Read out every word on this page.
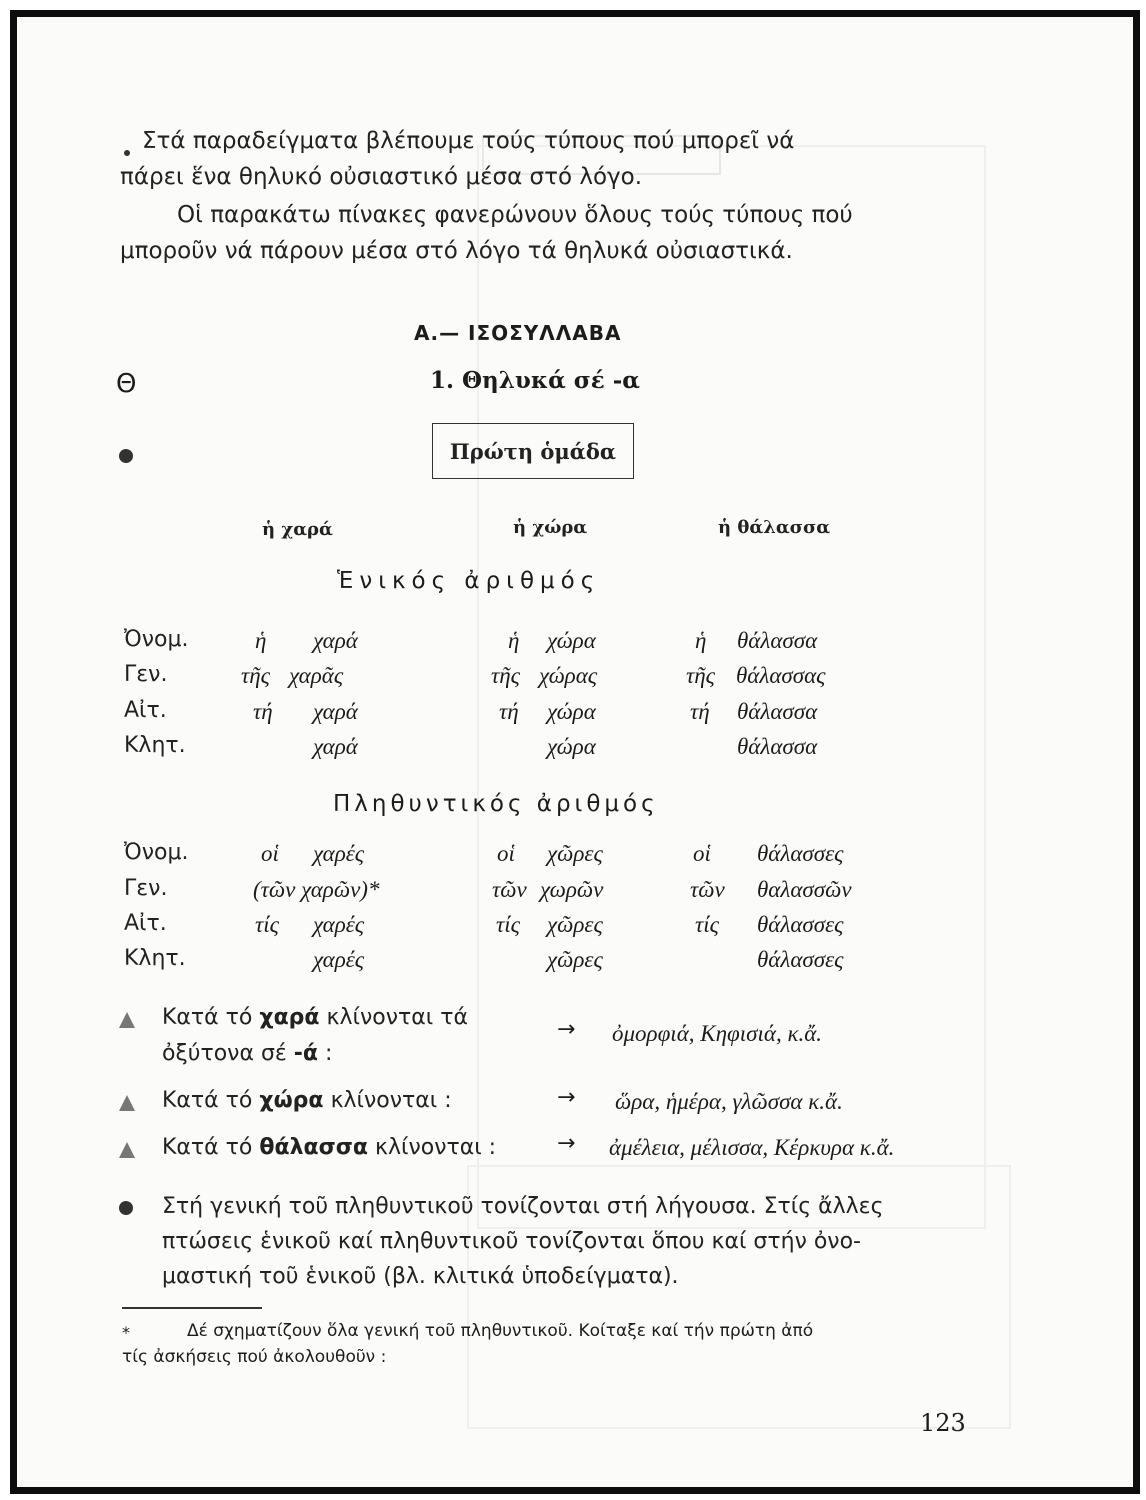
Στά παραδείγματα βλέπουμε τούς τύπους πού μπορεῖ νά
πάρει ἕνα θηλυκό οὐσιαστικό μέσα στό λόγο.
Οἱ παρακάτω πίνακες φανερώνουν ὅλους τούς τύπους πού
μποροῦν νά πάρουν μέσα στό λόγο τά θηλυκά οὐσιαστικά.
Α.— ΙΣΟΣΥΛΛΑΒΑ
Θ	1. Θηλυκά σέ -α
Πρώτη ὁμάδα
ἡ χαρά	ἡ χώρα	ἡ θάλασσα
Ἑνικός ἀριθμός
Ὀνομ.	ἡ χαρά	ἡ χώρα	ἡ θάλασσα
Γεν.	τῆς χαρᾶς	τῆς χώρας	τῆς θάλασσας
Αἰτ.	τή χαρά	τή χώρα	τή θάλασσα
Κλητ.	χαρά	χώρα	θάλασσα
Πληθυντικός ἀριθμός
Ὀνομ.	οἱ χαρές	οἱ χῶρες	οἱ θάλασσες
Γεν.	(τῶν χαρῶν)*	τῶν χωρῶν	τῶν θαλασσῶν
Αἰτ.	τίς χαρές	τίς χῶρες	τίς θάλασσες
Κλητ.	χαρές	χῶρες	θάλασσες
Κατά τό χαρά κλίνονται τά
ὀξύτονα σέ -ά :
→ ὀμορφιά, Κηφισιά, κ.ἄ.
Κατά τό χώρα κλίνονται :	→ ὥρα, ἡμέρα, γλῶσσα κ.ἄ.
Κατά τό θάλασσα κλίνονται :	→ ἀμέλεια, μέλισσα, Κέρκυρα κ.ἄ.
Στή γενική τοῦ πληθυντικοῦ τονίζονται στή λήγουσα. Στίς ἄλλες
πτώσεις ἑνικοῦ καί πληθυντικοῦ τονίζονται ὅπου καί στήν ὀνο-
μαστική τοῦ ἑνικοῦ (βλ. κλιτικά ὑποδείγματα).
*	Δέ σχηματίζουν ὅλα γενική τοῦ πληθυντικοῦ. Κοίταξε καί τήν πρώτη ἀπό
τίς ἀσκήσεις πού ἀκολουθοῦν :
123
